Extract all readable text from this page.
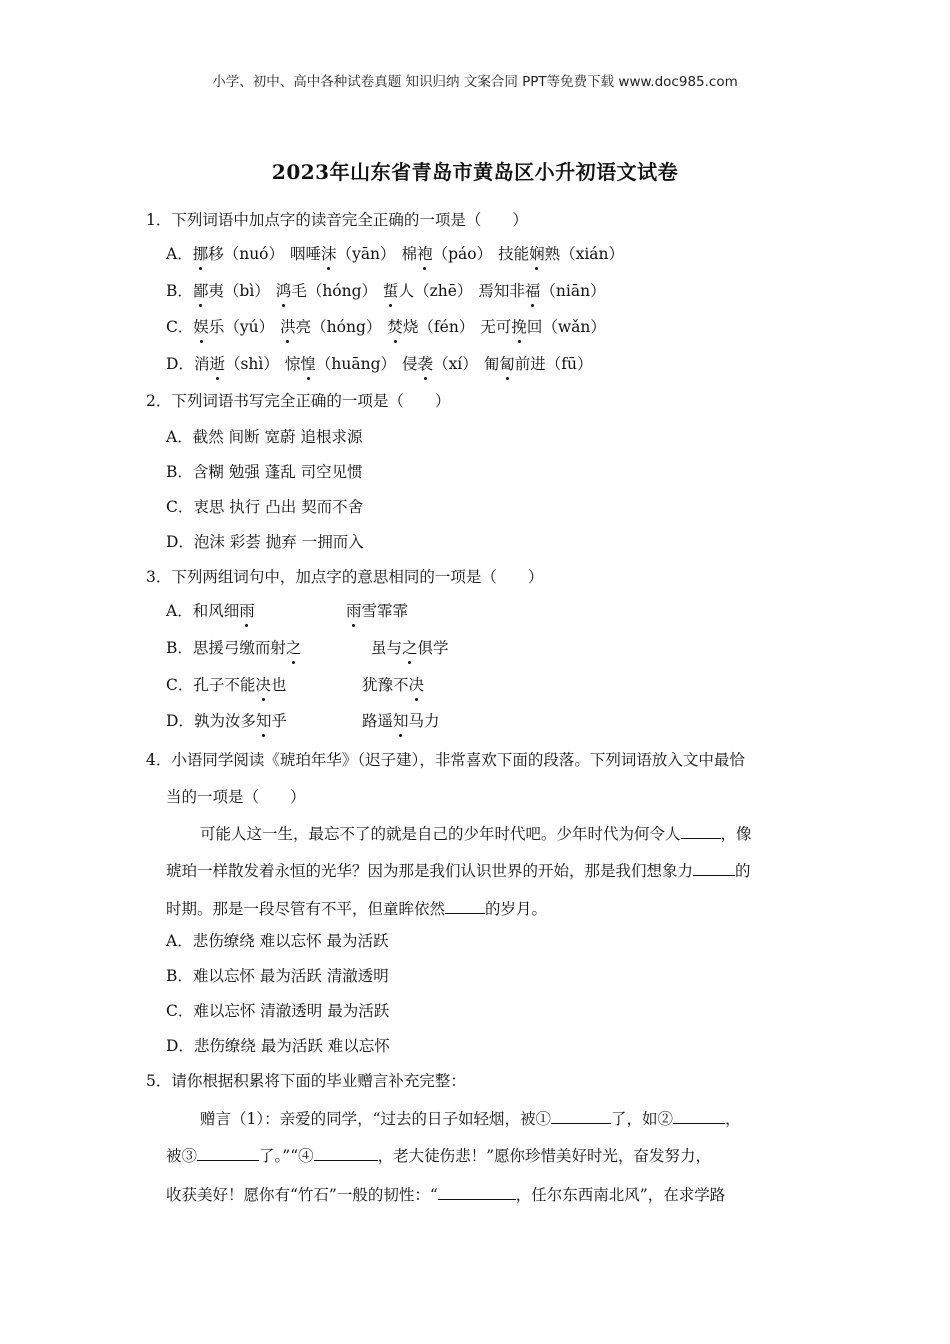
小学、初中、高中各种试卷真题 知识归纳 文案合同 PPT等免费下载 www.doc985.com
2023年山东省青岛市黄岛区小升初语文试卷
1．下列词语中加点字的读音完全正确的一项是（　　）
A．挪移（nuó） 咽唾沫（yān） 棉袍（páo） 技能娴熟（xián）
B．鄙夷（bì） 鸿毛（hóng） 蜇人（zhē） 焉知非福（niān）
C．娱乐（yú） 洪亮（hóng） 焚烧（fén） 无可挽回（wǎn）
D．消逝（shì） 惊惶（huāng） 侵袭（xí） 匍匐前进（fū）
2．下列词语书写完全正确的一项是（　　）
A．截然 间断 宽蔚 追根求源
B．含糊 勉强 蓬乱 司空见惯
C．衷思 执行 凸出 契而不舍
D．泡沫 彩荟 抛弃 一拥而入
3．下列两组词句中，加点字的意思相同的一项是（　　）
A．和风细雨	雨雪霏霏
B．思援弓缴而射之	虽与之俱学
C．孔子不能决也	犹豫不决
D．孰为汝多知乎	路遥知马力
4．小语同学阅读《琥珀年华》（迟子建），非常喜欢下面的段落。下列词语放入文中最恰
当的一项是（　　）
可能人这一生，最忘不了的就是自己的少年时代吧。少年时代为何令人	，像
琥珀一样散发着永恒的光华？因为那是我们认识世界的开始，那是我们想象力	的
时期。那是一段尽管有不平，但童眸依然	的岁月。
A．悲伤缭绕 难以忘怀 最为活跃
B．难以忘怀 最为活跃 清澈透明
C．难以忘怀 清澈透明 最为活跃
D．悲伤缭绕 最为活跃 难以忘怀
5．请你根据积累将下面的毕业赠言补充完整：
赠言（1）：亲爱的同学，“过去的日子如轻烟，被①	了，如②	，
被③	了。”“④	，老大徒伤悲！”愿你珍惜美好时光，奋发努力，
收获美好！愿你有“竹石”一般的韧性：“	，任尔东西南北风”，在求学路
